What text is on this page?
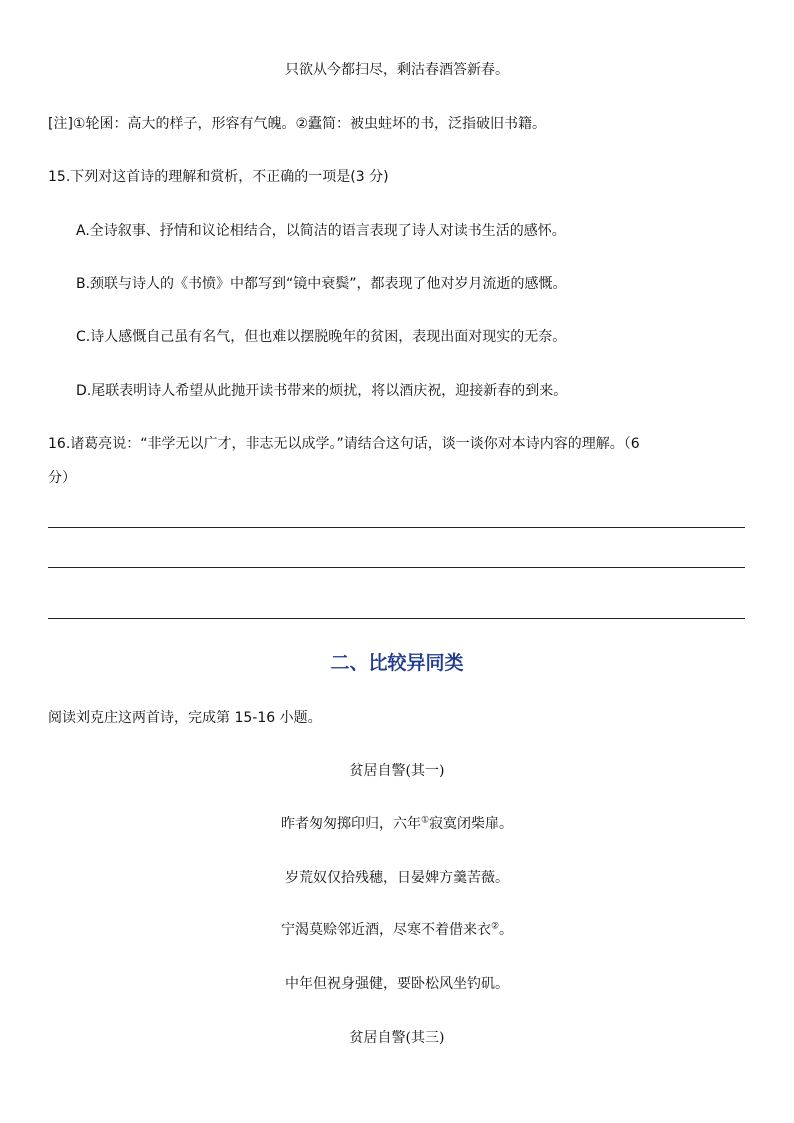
只欲从今都扫尽，剩沽春酒答新春。
[注]①轮囷：高大的样子，形容有气魄。②蠹简：被虫蛀坏的书，泛指破旧书籍。
15.下列对这首诗的理解和赏析，不正确的一项是(3 分)
A.全诗叙事、抒情和议论相结合，以简洁的语言表现了诗人对读书生活的感怀。
B.颈联与诗人的《书愤》中都写到“镜中衰鬓”，都表现了他对岁月流逝的感慨。
C.诗人感慨自己虽有名气，但也难以摆脱晚年的贫困，表现出面对现实的无奈。
D.尾联表明诗人希望从此抛开读书带来的烦扰，将以酒庆祝，迎接新春的到来。
16.诸葛亮说：“非学无以广才，非志无以成学。”请结合这句话，谈一谈你对本诗内容的理解。（6
分）
二、比较异同类
阅读刘克庄这两首诗，完成第 15-16 小题。
贫居自警(其一)
昨者匆匆掷印归，六年①寂寞闭柴扉。
岁荒奴仅拾残穗，日晏婢方羹苦薇。
宁渴莫赊邻近酒，尽寒不着借来衣②。
中年但祝身强健，要卧松风坐钓矶。
贫居自警(其三)
